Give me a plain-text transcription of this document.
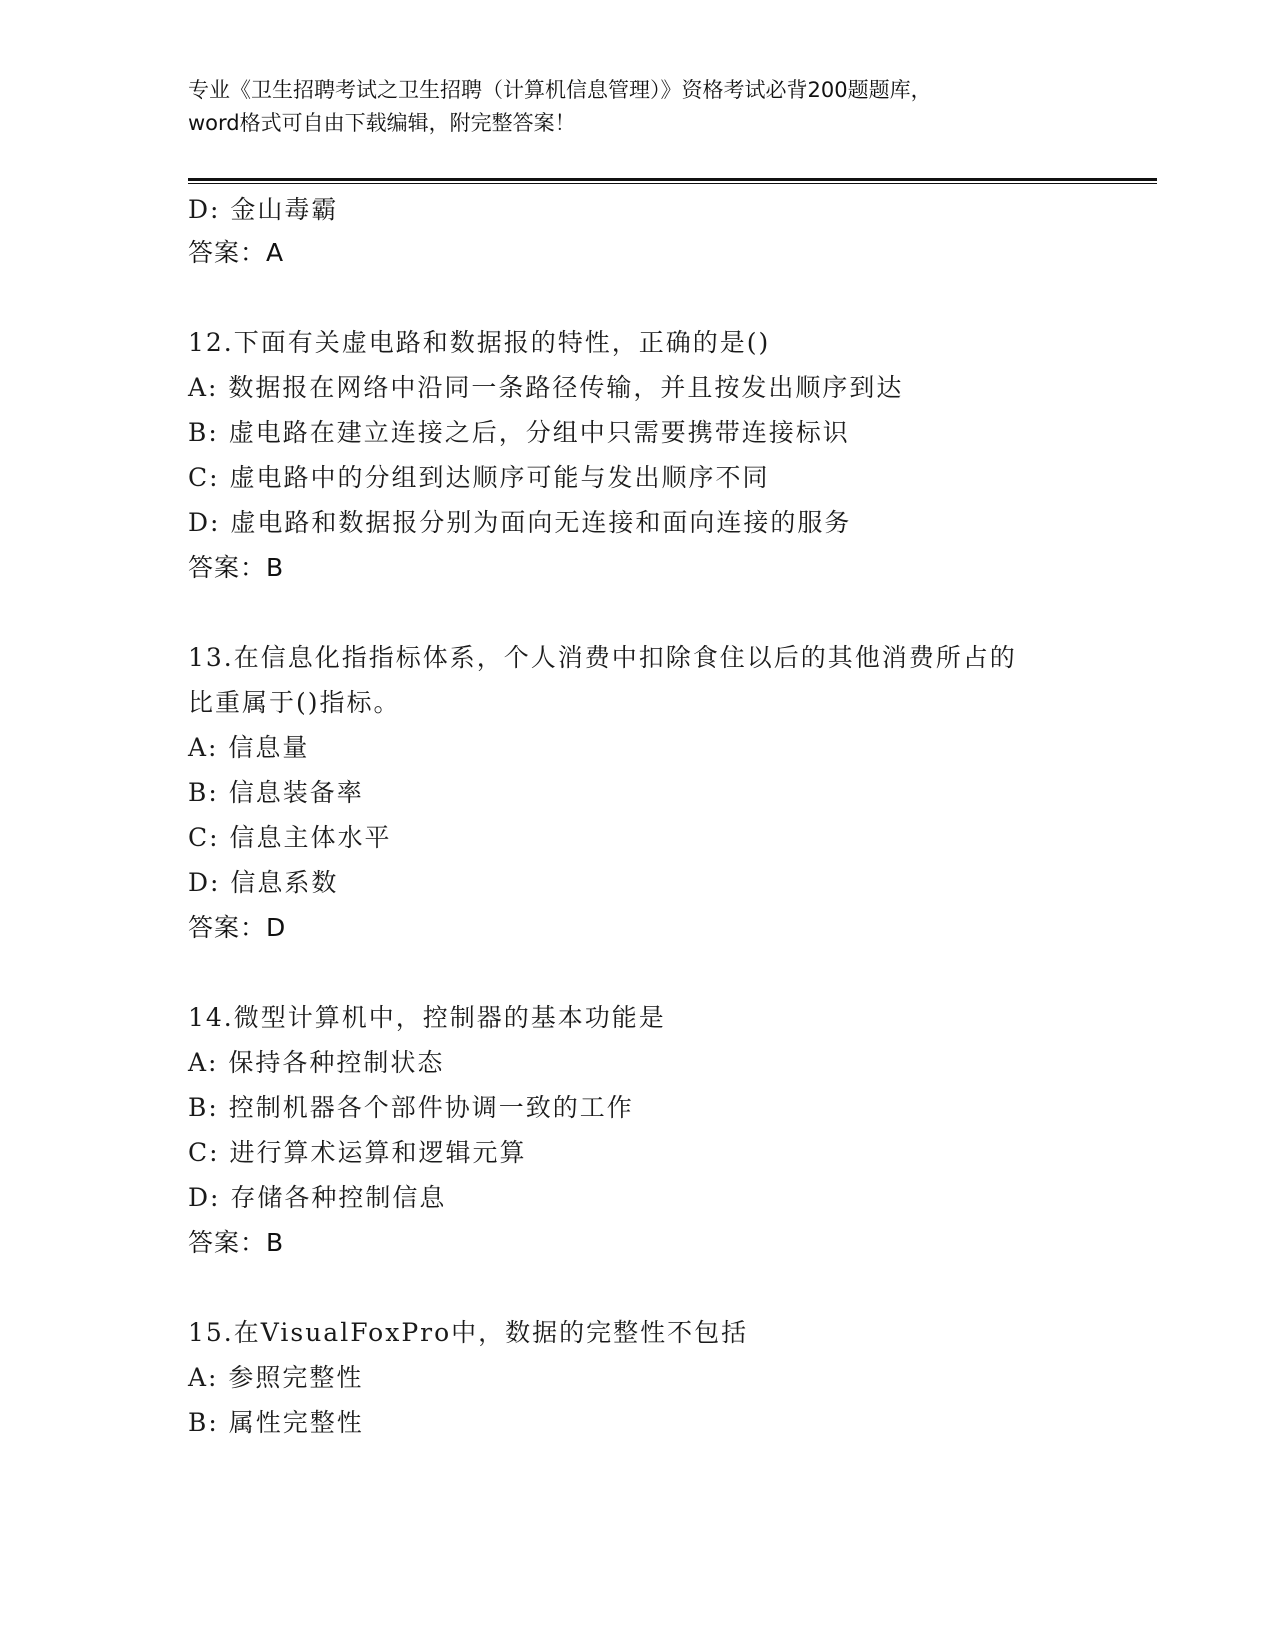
专业《卫生招聘考试之卫生招聘（计算机信息管理）》资格考试必背200题题库，
word格式可自由下载编辑，附完整答案！
D: 金山毒霸
答案：A
12.下面有关虚电路和数据报的特性，正确的是()
A: 数据报在网络中沿同一条路径传输，并且按发出顺序到达
B: 虚电路在建立连接之后，分组中只需要携带连接标识
C: 虚电路中的分组到达顺序可能与发出顺序不同
D: 虚电路和数据报分别为面向无连接和面向连接的服务
答案：B
13.在信息化指指标体系，个人消费中扣除食住以后的其他消费所占的
比重属于()指标。
A: 信息量
B: 信息装备率
C: 信息主体水平
D: 信息系数
答案：D
14.微型计算机中，控制器的基本功能是
A: 保持各种控制状态
B: 控制机器各个部件协调一致的工作
C: 进行算术运算和逻辑元算
D: 存储各种控制信息
答案：B
15.在VisualFoxPro中，数据的完整性不包括
A: 参照完整性
B: 属性完整性
